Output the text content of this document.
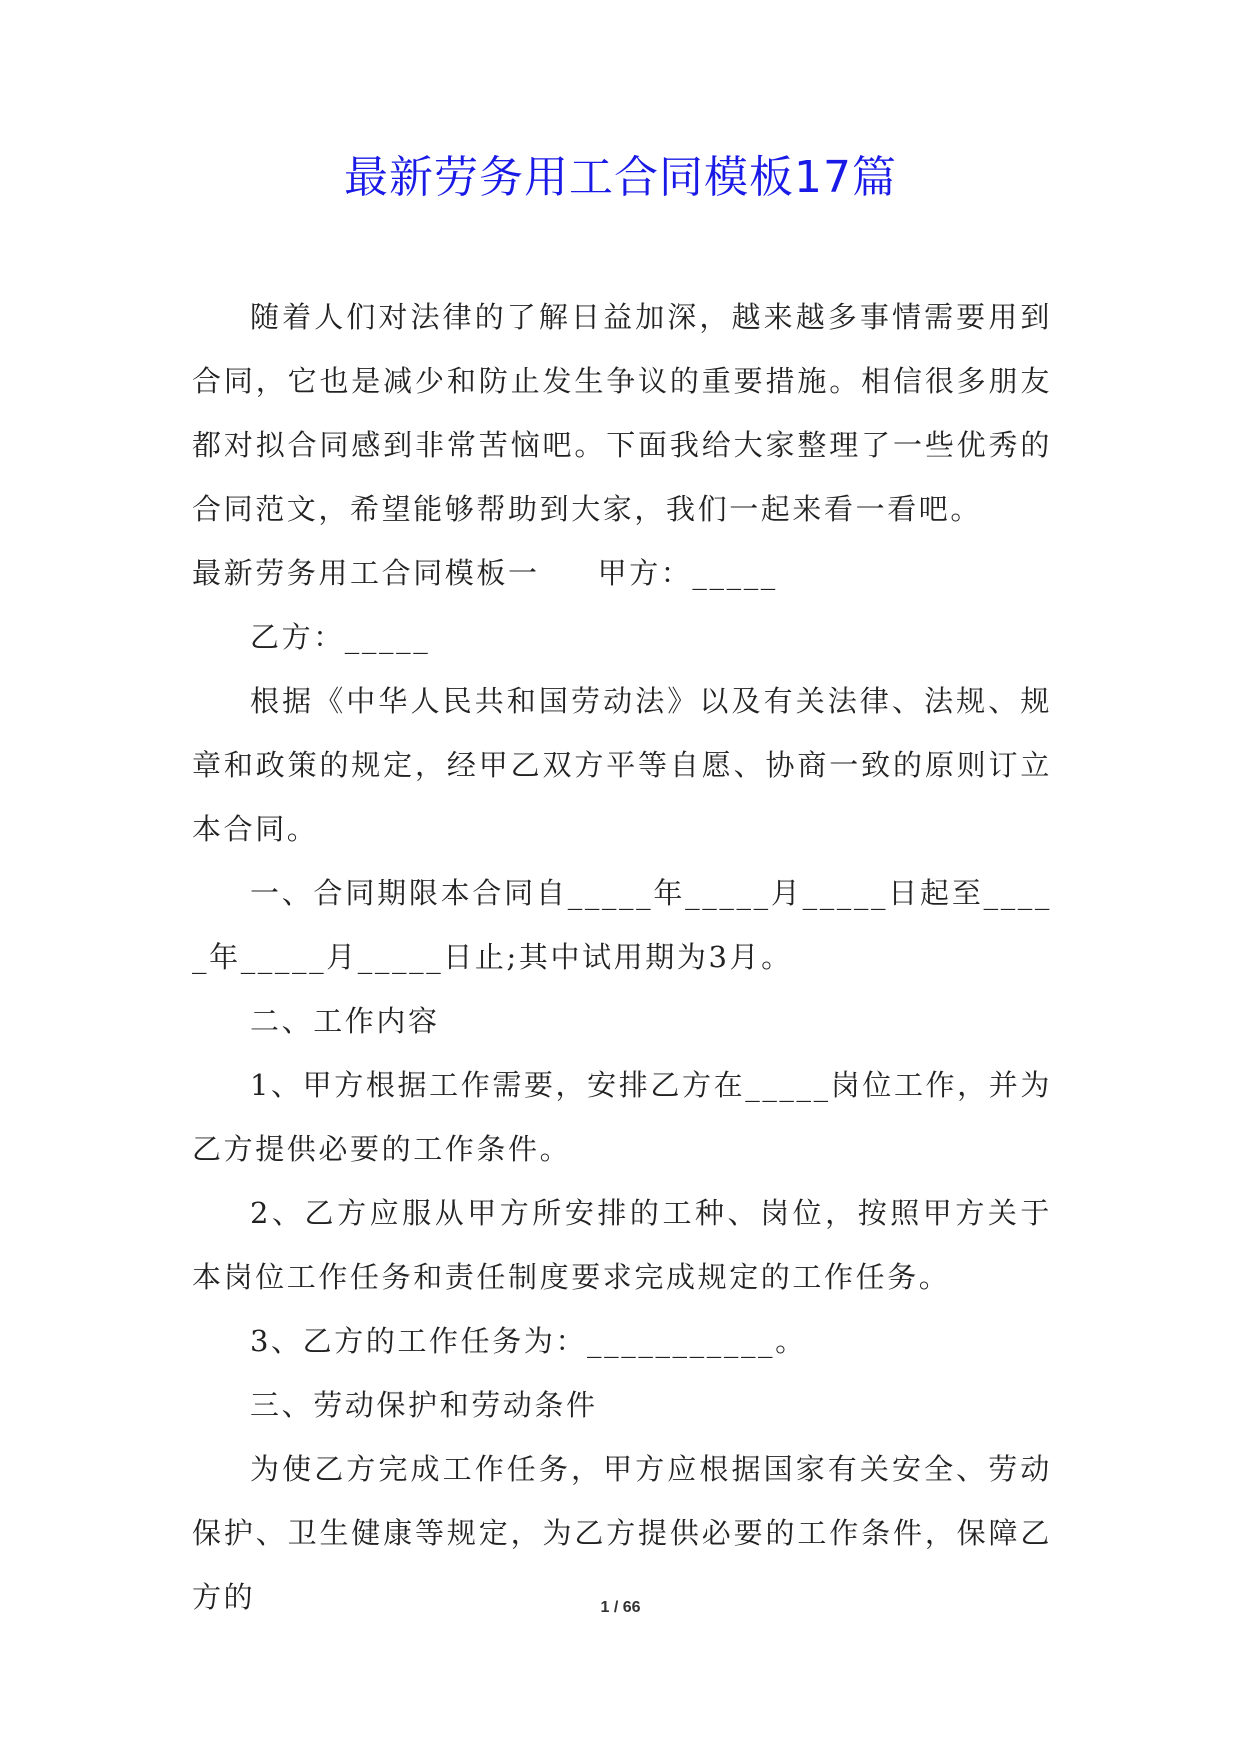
最新劳务用工合同模板17篇

随着人们对法律的了解日益加深，越来越多事情需要用到合同，它也是减少和防止发生争议的重要措施。相信很多朋友都对拟合同感到非常苦恼吧。下面我给大家整理了一些优秀的合同范文，希望能够帮助到大家，我们一起来看一看吧。

最新劳务用工合同模板一 甲方：_____

乙方：_____

根据《中华人民共和国劳动法》以及有关法律、法规、规章和政策的规定，经甲乙双方平等自愿、协商一致的原则订立本合同。

一、合同期限本合同自_____年_____月_____日起至_____年_____月_____日止;其中试用期为3月。

二、工作内容

1、甲方根据工作需要，安排乙方在_____岗位工作，并为乙方提供必要的工作条件。

2、乙方应服从甲方所安排的工种、岗位，按照甲方关于本岗位工作任务和责任制度要求完成规定的工作任务。

3、乙方的工作任务为：___________。

三、劳动保护和劳动条件

为使乙方完成工作任务，甲方应根据国家有关安全、劳动保护、卫生健康等规定，为乙方提供必要的工作条件，保障乙方的	1 / 66
